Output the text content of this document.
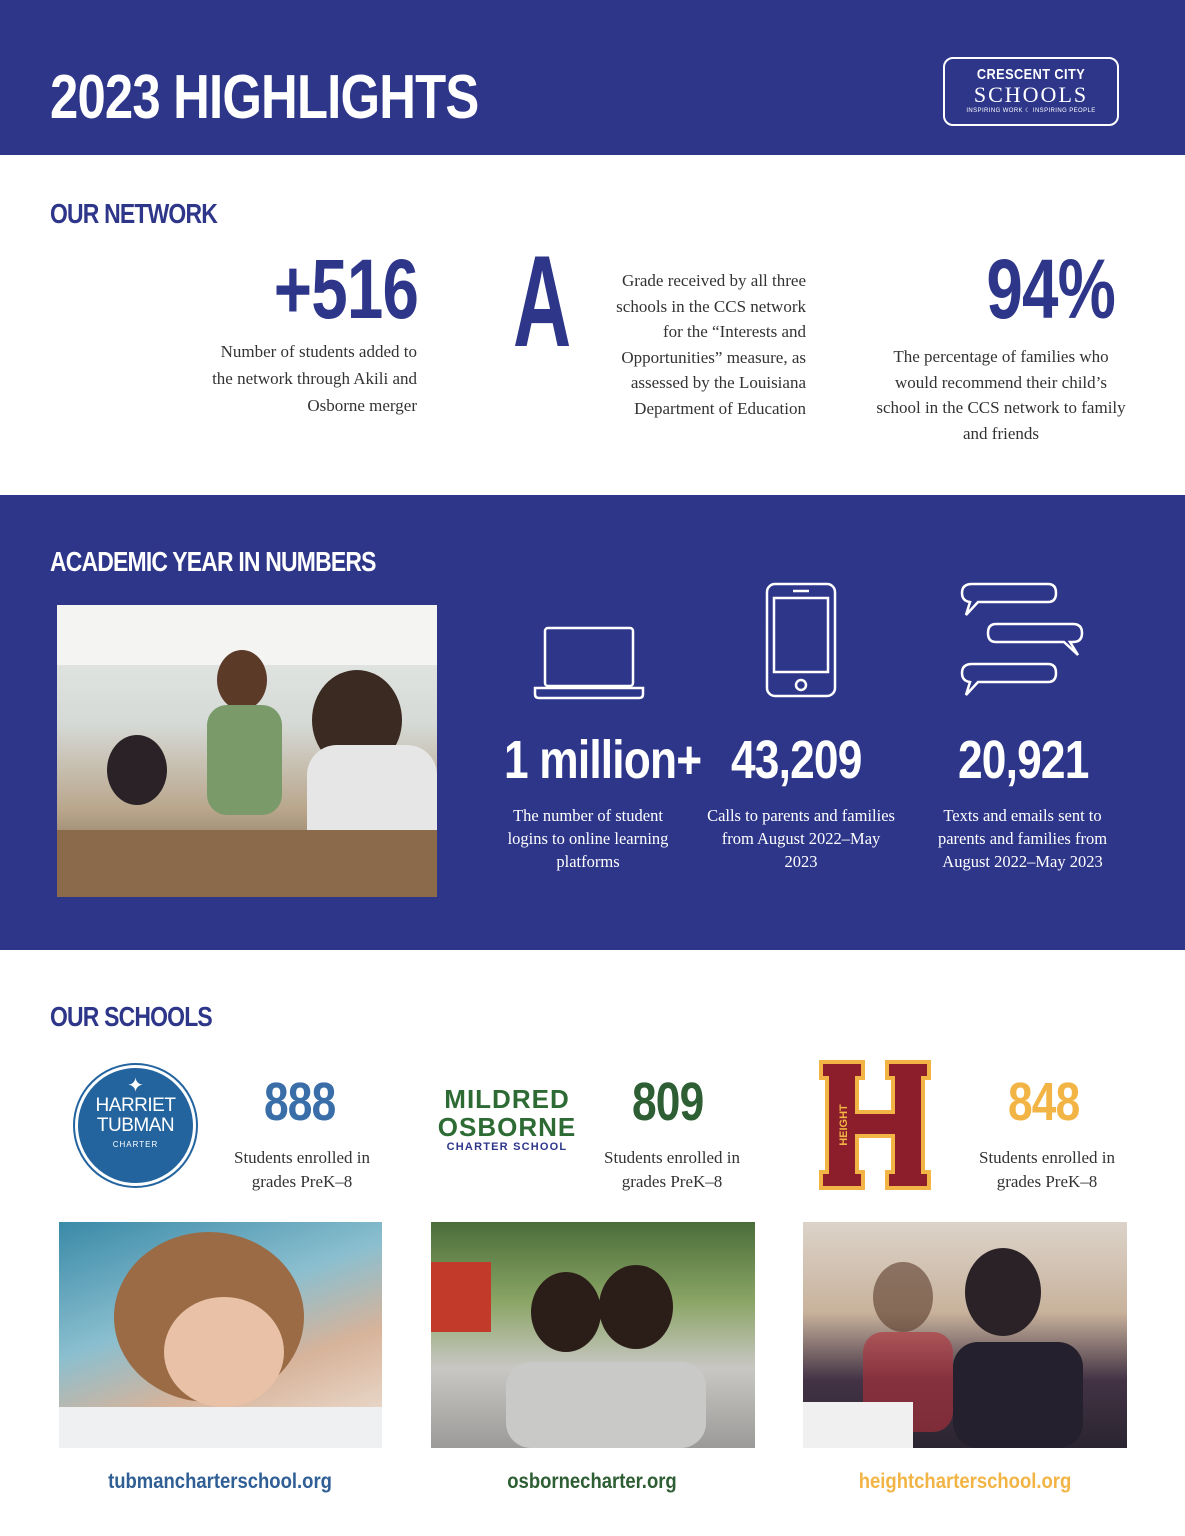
2023 HIGHLIGHTS	CRESCENT CITY
SCHOOLS
INSPIRING WORK ☾ INSPIRING PEOPLE
OUR NETWORK
+516
Number of students added to the network through Akili and Osborne merger
A	Grade received by all three schools in the CCS network for the “Interests and Opportunities” measure, as assessed by the Louisiana Department of Education
94%
The percentage of families who would recommend their child’s school in the CCS network to family and friends
ACADEMIC YEAR IN NUMBERS
1 million+ 43,209 20,921
The number of student logins to online learning platforms
Calls to parents and families from August 2022–May 2023
Texts and emails sent to parents and families from August 2022–May 2023
OUR SCHOOLS
✦
HARRIET
TUBMAN
CHARTER
MILDRED
OSBORNE
CHARTER SCHOOL
HEIGHT
888	809	848
Students enrolled in grades PreK–8
Students enrolled in grades PreK–8
Students enrolled in grades PreK–8
tubmancharterschool.org	osbornecharter.org	heightcharterschool.org
